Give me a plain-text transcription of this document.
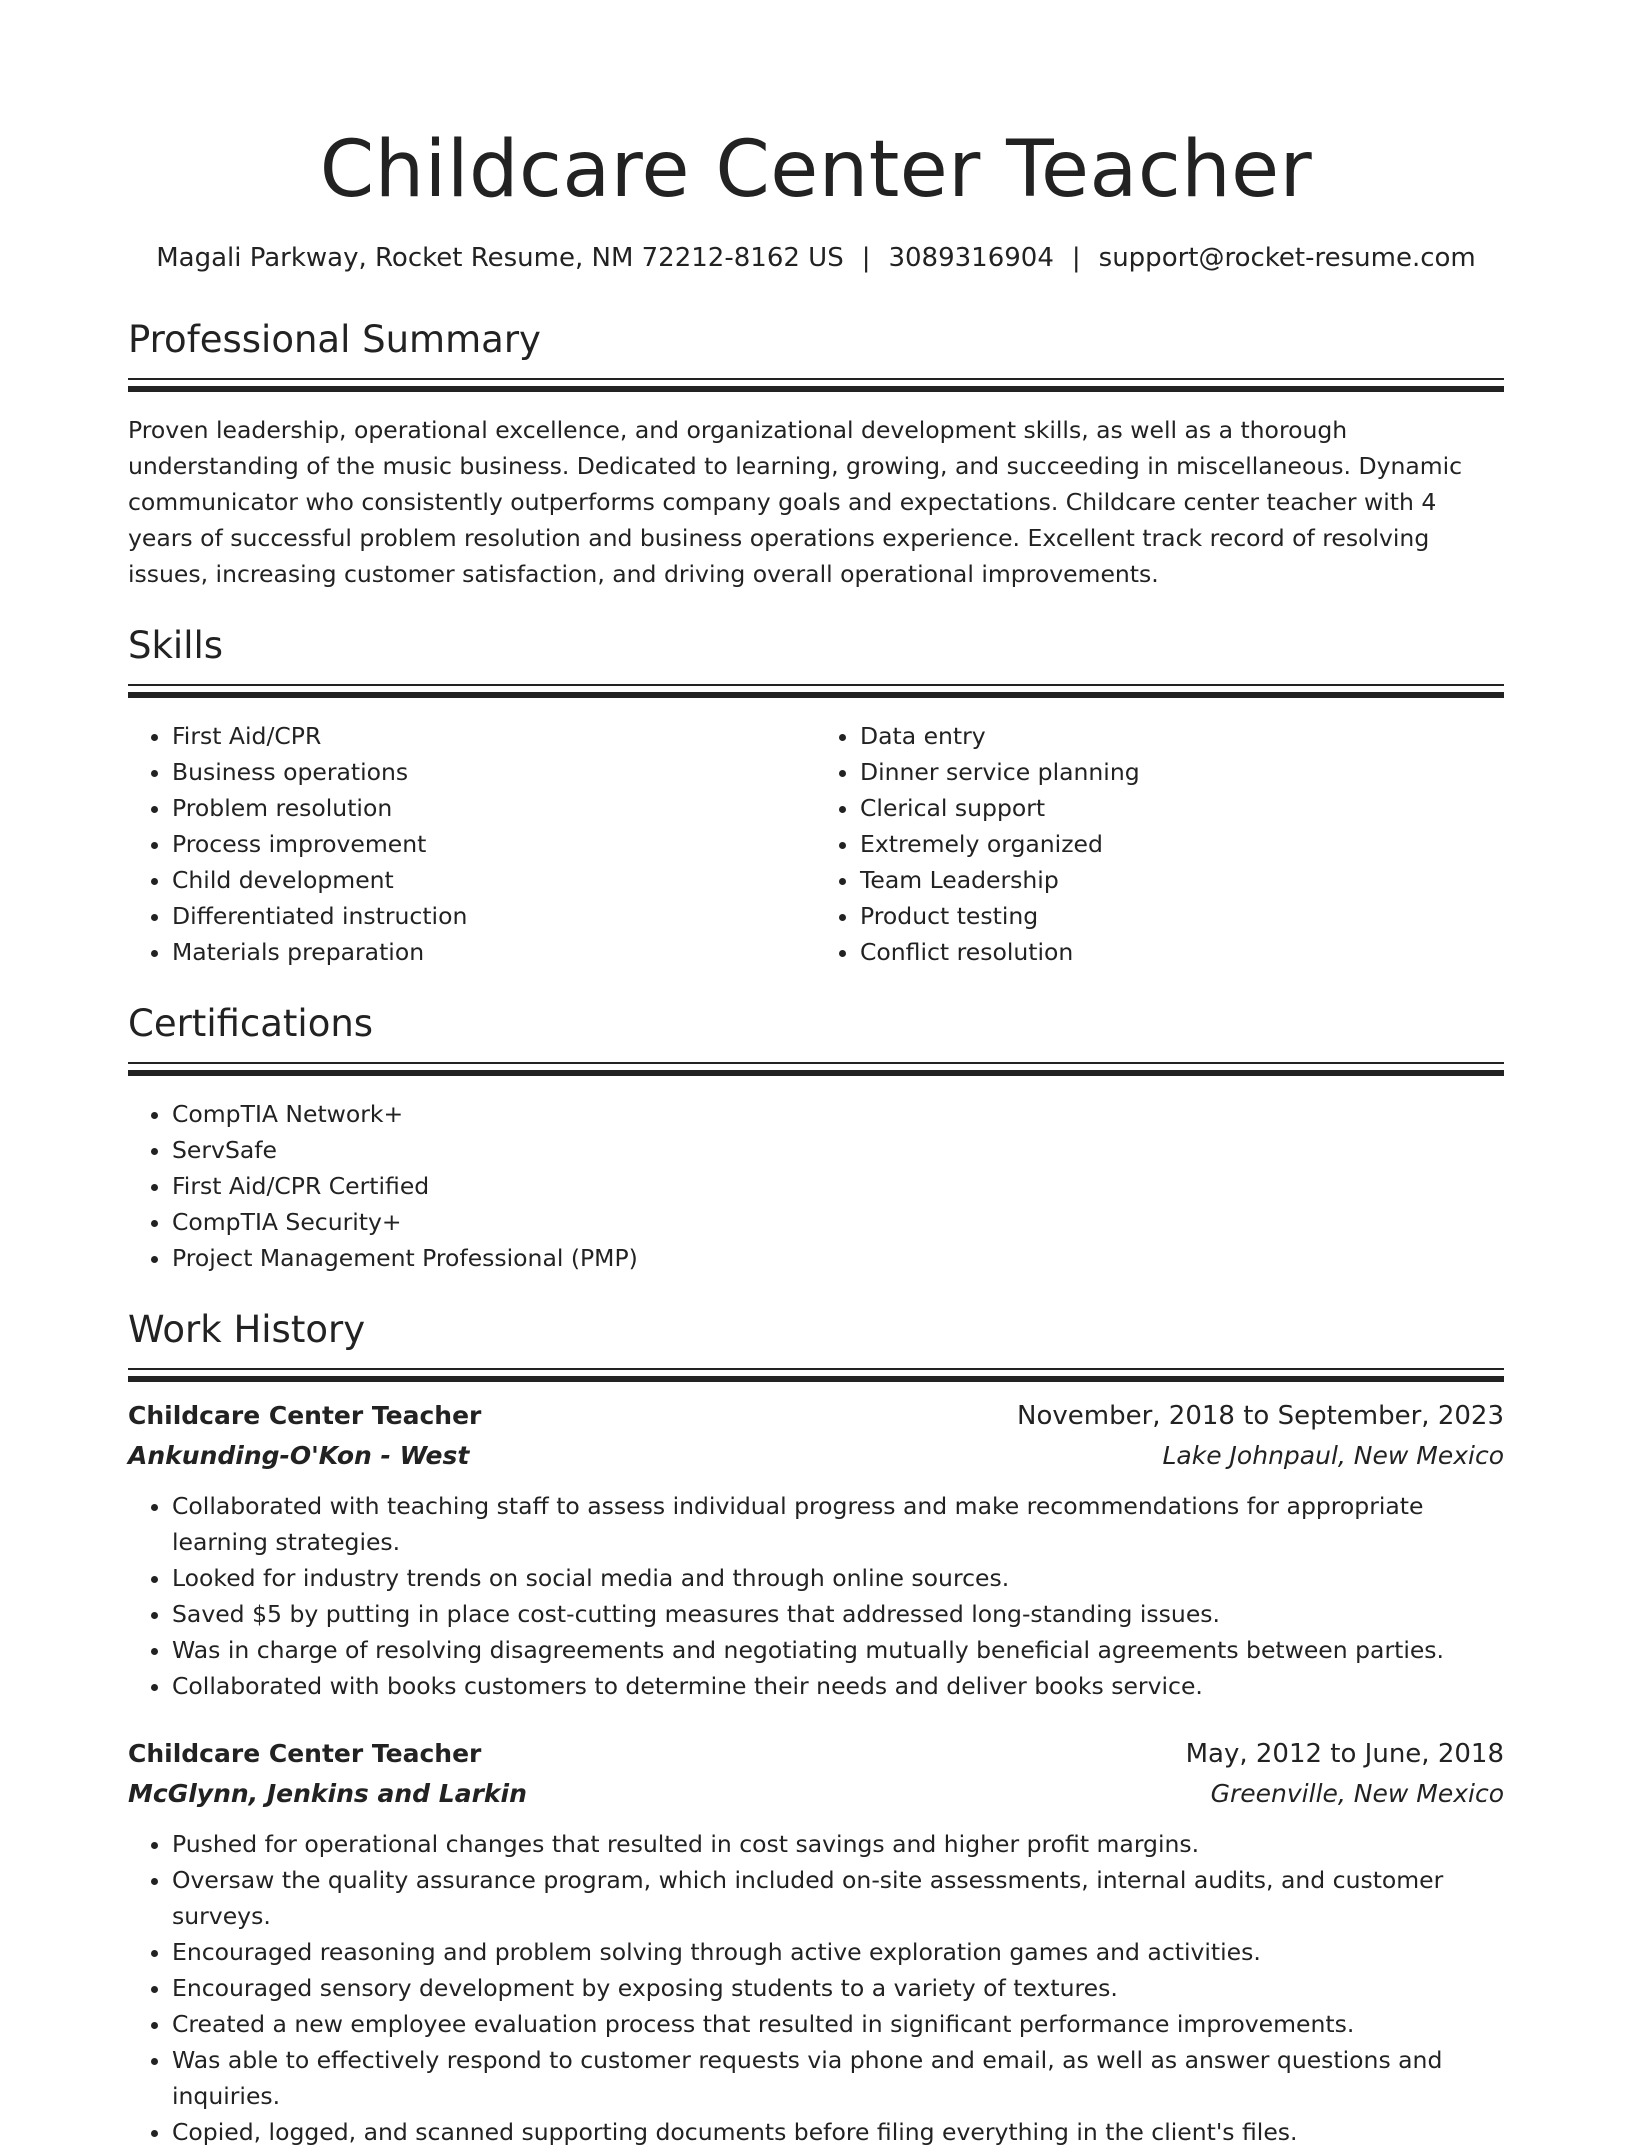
Childcare Center Teacher
Magali Parkway, Rocket Resume, NM 72212-8162 US | 3089316904 | support@rocket-resume.com
Professional Summary

Proven leadership, operational excellence, and organizational development skills, as well as a thorough understanding of the music business. Dedicated to learning, growing, and succeeding in miscellaneous. Dynamic communicator who consistently outperforms company goals and expectations. Childcare center teacher with 4 years of successful problem resolution and business operations experience. Excellent track record of resolving issues, increasing customer satisfaction, and driving overall operational improvements.

Skills
• First Aid/CPR
• Business operations
• Problem resolution
• Process improvement
• Child development
• Differentiated instruction
• Materials preparation
• Data entry
• Dinner service planning
• Clerical support
• Extremely organized
• Team Leadership
• Product testing
• Conflict resolution
Certifications
• CompTIA Network+
• ServSafe
• First Aid/CPR Certified
• CompTIA Security+
• Project Management Professional (PMP)
Work History
Childcare Center Teacher	November, 2018 to September, 2023
Ankunding-O'Kon - West	Lake Johnpaul, New Mexico
• Collaborated with teaching staff to assess individual progress and make recommendations for appropriate learning strategies.
• Looked for industry trends on social media and through online sources.
• Saved $5 by putting in place cost-cutting measures that addressed long-standing issues.
• Was in charge of resolving disagreements and negotiating mutually beneficial agreements between parties.
• Collaborated with books customers to determine their needs and deliver books service.
Childcare Center Teacher	May, 2012 to June, 2018
McGlynn, Jenkins and Larkin	Greenville, New Mexico
• Pushed for operational changes that resulted in cost savings and higher profit margins.
• Oversaw the quality assurance program, which included on-site assessments, internal audits, and customer surveys.
• Encouraged reasoning and problem solving through active exploration games and activities.
• Encouraged sensory development by exposing students to a variety of textures.
• Created a new employee evaluation process that resulted in significant performance improvements.
• Was able to effectively respond to customer requests via phone and email, as well as answer questions and inquiries.
• Copied, logged, and scanned supporting documents before filing everything in the client's files.
